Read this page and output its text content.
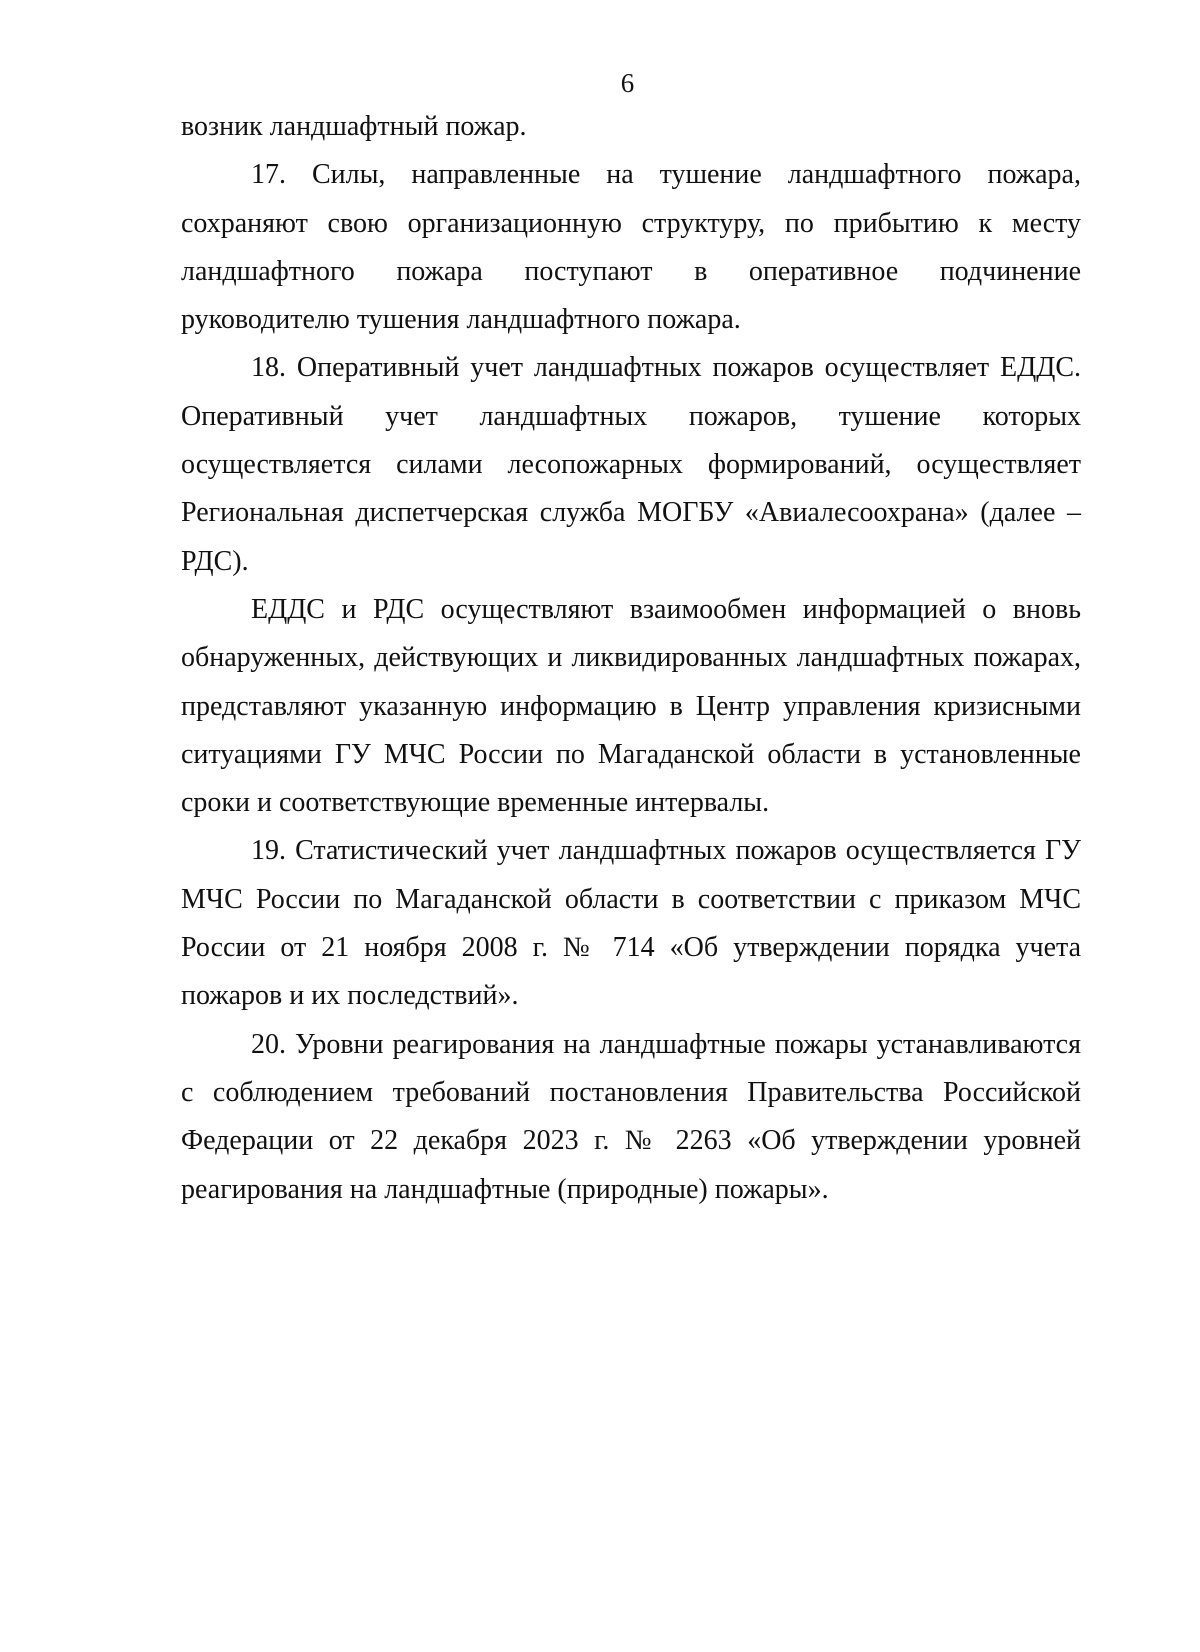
6

возник ландшафтный пожар.

17. Силы, направленные на тушение ландшафтного пожара, сохраняют свою организационную структуру, по прибытию к месту ландшафтного пожара поступают в оперативное подчинение руководителю тушения ландшафтного пожара.

18. Оперативный учет ландшафтных пожаров осуществляет ЕДДС. Оперативный учет ландшафтных пожаров, тушение которых осуществляется силами лесопожарных формирований, осуществляет Региональная диспетчерская служба МОГБУ «Авиалесоохрана» (далее – РДС).

ЕДДС и РДС осуществляют взаимообмен информацией о вновь обнаруженных, действующих и ликвидированных ландшафтных пожарах, представляют указанную информацию в Центр управления кризисными ситуациями ГУ МЧС России по Магаданской области в установленные сроки и соответствующие временные интервалы.

19. Статистический учет ландшафтных пожаров осуществляется ГУ МЧС России по Магаданской области в соответствии с приказом МЧС России от 21 ноября 2008 г. № 714 «Об утверждении порядка учета пожаров и их последствий».

20. Уровни реагирования на ландшафтные пожары устанавливаются с соблюдением требований постановления Правительства Российской Федерации от 22 декабря 2023 г. № 2263 «Об утверждении уровней реагирования на ландшафтные (природные) пожары».
